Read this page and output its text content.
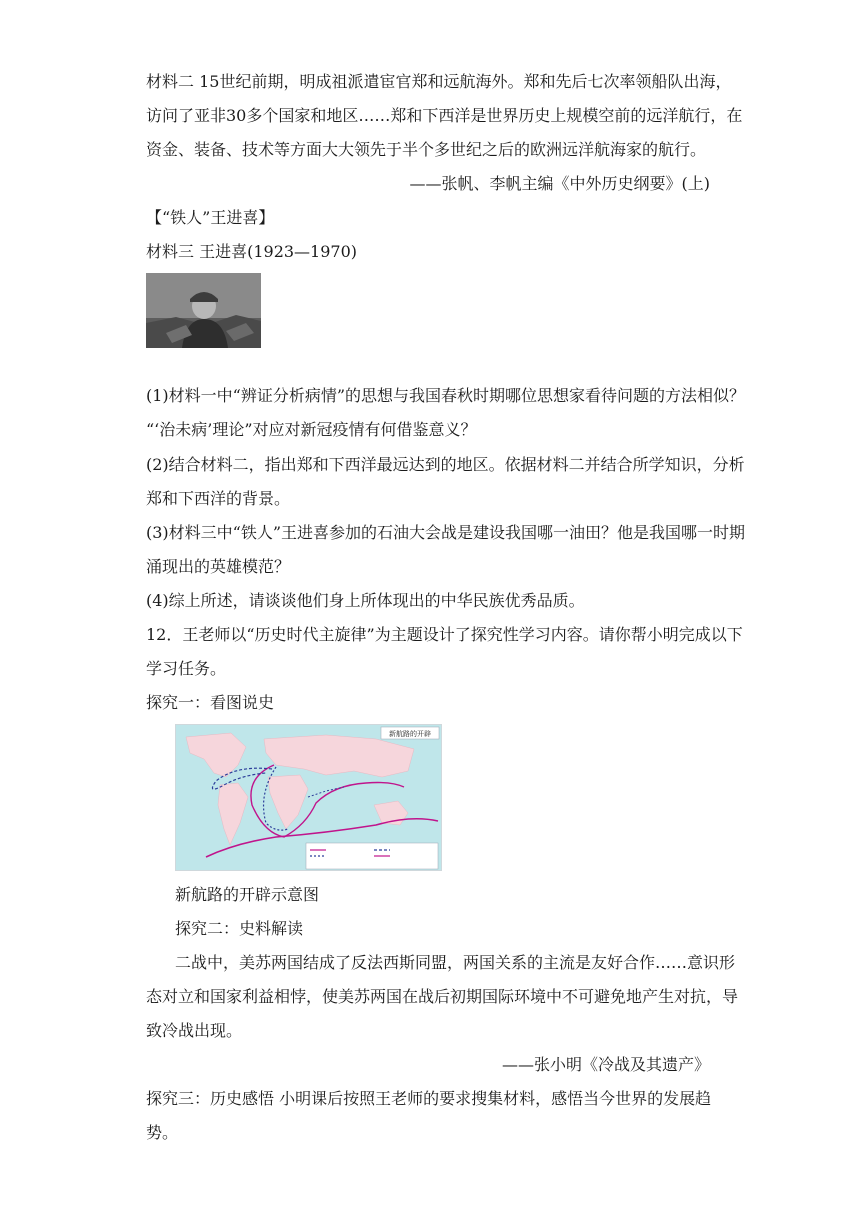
材料二 15世纪前期，明成祖派遣宦官郑和远航海外。郑和先后七次率领船队出海，
访问了亚非30多个国家和地区……郑和下西洋是世界历史上规模空前的远洋航行，在
资金、装备、技术等方面大大领先于半个多世纪之后的欧洲远洋航海家的航行。
——张帆、李帆主编《中外历史纲要》(上)
【“铁人”王进喜】
材料三 王进喜(1923—1970)
(1)材料一中“辨证分析病情”的思想与我国春秋时期哪位思想家看待问题的方法相似？
“‘治未病’理论”对应对新冠疫情有何借鉴意义？
(2)结合材料二，指出郑和下西洋最远达到的地区。依据材料二并结合所学知识，分析
郑和下西洋的背景。
(3)材料三中“铁人”王进喜参加的石油大会战是建设我国哪一油田？他是我国哪一时期
涌现出的英雄模范？
(4)综上所述，请谈谈他们身上所体现出的中华民族优秀品质。
12．王老师以“历史时代主旋律”为主题设计了探究性学习内容。请你帮小明完成以下
学习任务。
探究一：看图说史
新航路的开辟
新航路的开辟示意图
探究二：史料解读
二战中，美苏两国结成了反法西斯同盟，两国关系的主流是友好合作……意识形
态对立和国家利益相悖，使美苏两国在战后初期国际环境中不可避免地产生对抗，导
致冷战出现。
——张小明《冷战及其遗产》
探究三：历史感悟 小明课后按照王老师的要求搜集材料，感悟当今世界的发展趋
势。
